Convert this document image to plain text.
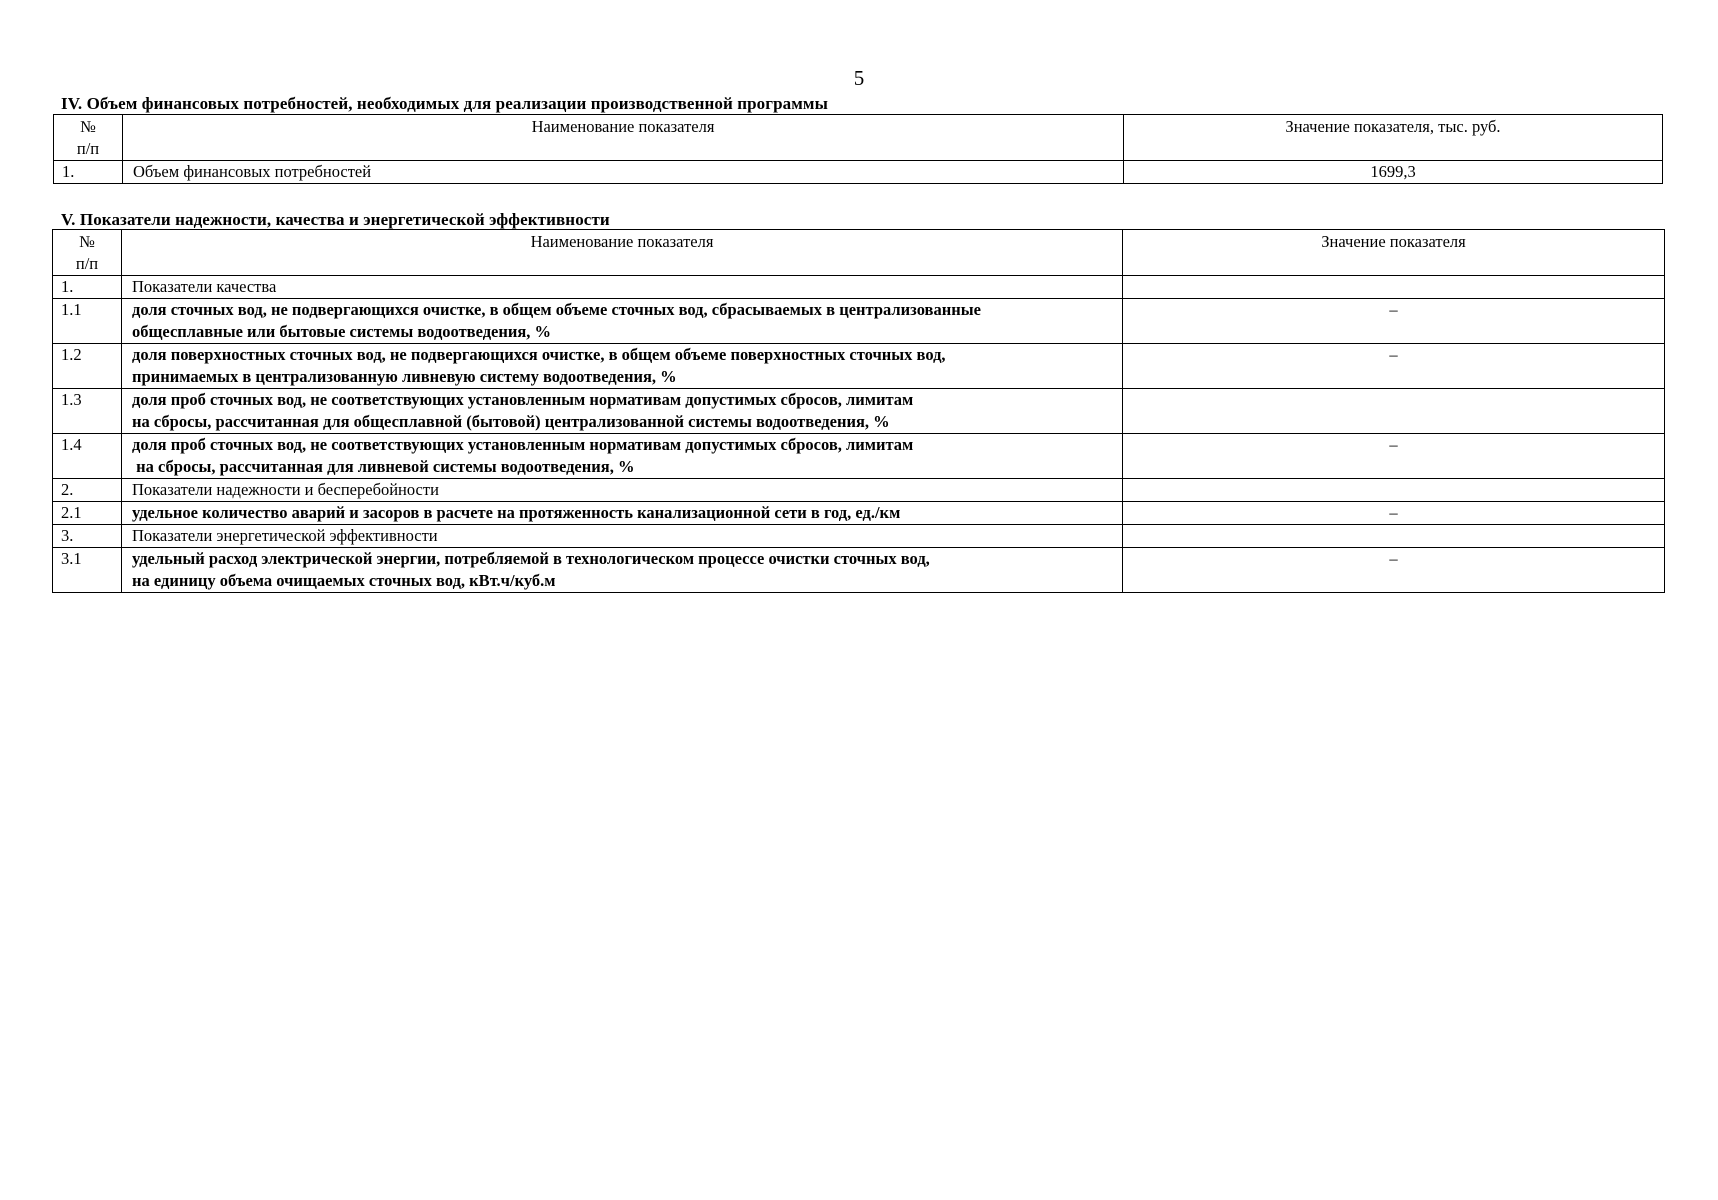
5
IV. Объем финансовых потребностей, необходимых для реализации производственной программы
№
п/п	Наименование показателя	Значение показателя, тыс. руб.
1.	Объем финансовых потребностей	1699,3
V. Показатели надежности, качества и энергетической эффективности
№
п/п	Наименование показателя	Значение показателя
1.	Показатели качества	
1.1	доля сточных вод, не подвергающихся очистке, в общем объеме сточных вод, сбрасываемых в централизованные
общесплавные или бытовые системы водоотведения, %	–
1.2	доля поверхностных сточных вод, не подвергающихся очистке, в общем объеме поверхностных сточных вод,
принимаемых в централизованную ливневую систему водоотведения, %	–
1.3	доля проб сточных вод, не соответствующих установленным нормативам допустимых сбросов, лимитам
на сбросы, рассчитанная для общесплавной (бытовой) централизованной системы водоотведения, %	

1.4	доля проб сточных вод, не соответствующих установленным нормативам допустимых сбросов, лимитам
на сбросы, рассчитанная для ливневой системы водоотведения, %	–
2.	Показатели надежности и бесперебойности	
2.1	удельное количество аварий и засоров в расчете на протяженность канализационной сети в год, ед./км	–
3.	Показатели энергетической эффективности	
3.1	удельный расход электрической энергии, потребляемой в технологическом процессе очистки сточных вод,
на единицу объема очищаемых сточных вод, кВт.ч/куб.м	–
